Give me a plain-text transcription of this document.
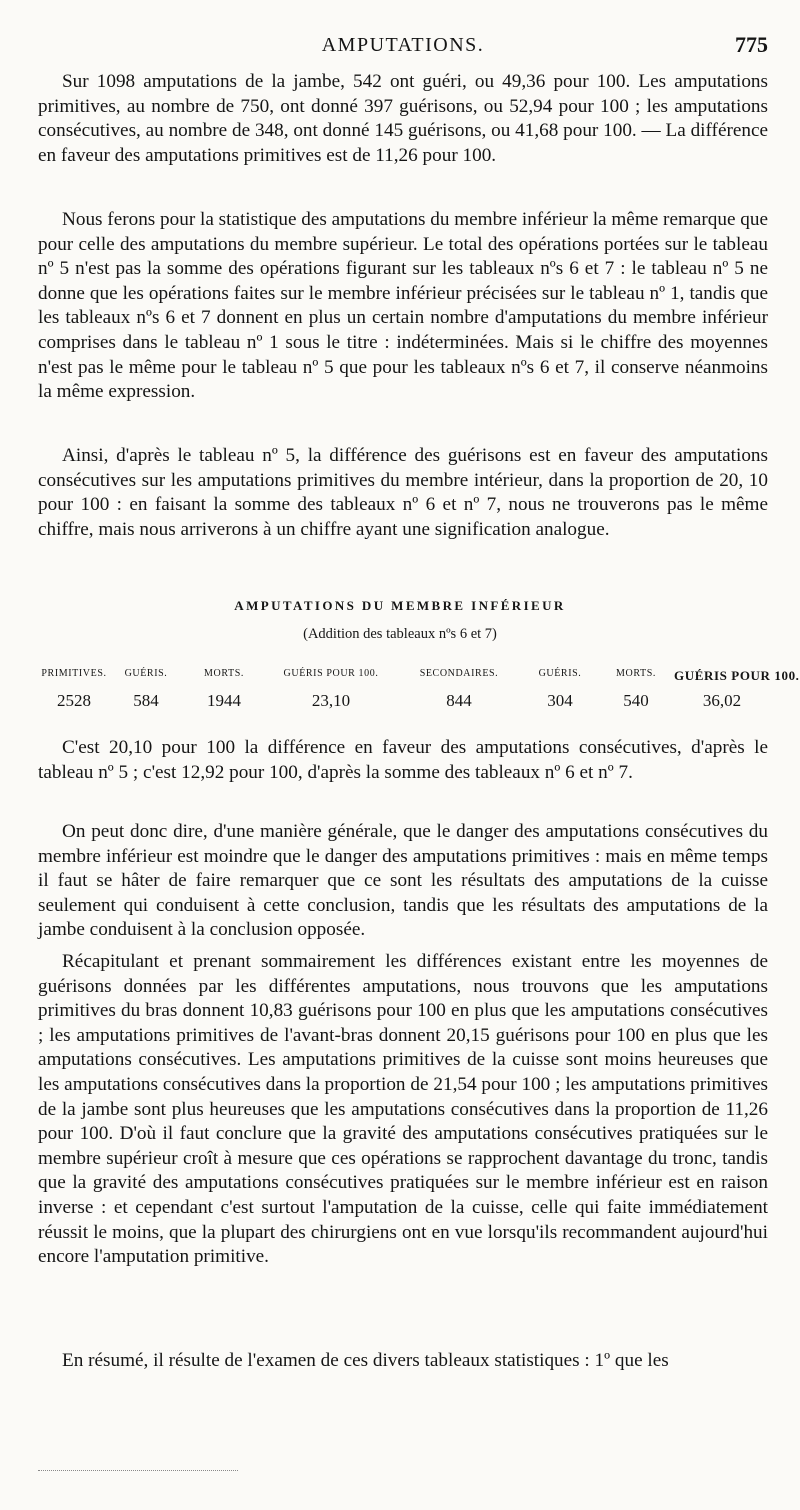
AMPUTATIONS.	775

Sur 1098 amputations de la jambe, 542 ont guéri, ou 49,36 pour 100. Les amputations primitives, au nombre de 750, ont donné 397 guérisons, ou 52,94 pour 100 ; les amputations consécutives, au nombre de 348, ont donné 145 guérisons, ou 41,68 pour 100. — La différence en faveur des amputations primitives est de 11,26 pour 100.

Nous ferons pour la statistique des amputations du membre inférieur la même remarque que pour celle des amputations du membre supérieur. Le total des opérations portées sur le tableau nº 5 n'est pas la somme des opérations figurant sur les tableaux nºs 6 et 7 : le tableau nº 5 ne donne que les opérations faites sur le membre inférieur précisées sur le tableau nº 1, tandis que les tableaux nºs 6 et 7 donnent en plus un certain nombre d'amputations du membre inférieur comprises dans le tableau nº 1 sous le titre : indéterminées. Mais si le chiffre des moyennes n'est pas le même pour le tableau nº 5 que pour les tableaux nºs 6 et 7, il conserve néanmoins la même expression.

Ainsi, d'après le tableau nº 5, la différence des guérisons est en faveur des amputations consécutives sur les amputations primitives du membre intérieur, dans la proportion de 20, 10 pour 100 : en faisant la somme des tableaux nº 6 et nº 7, nous ne trouverons pas le même chiffre, mais nous arriverons à un chiffre ayant une signification analogue.

AMPUTATIONS DU MEMBRE INFÉRIEUR
(Addition des tableaux nºs 6 et 7)
PRIMITIVES.	GUÉRIS.	MORTS.	GUÉRIS POUR 100.	SECONDAIRES.	GUÉRIS.	MORTS.	GUÉRIS POUR 100.
2528	584	1944	23,10	844	304	540	36,02

C'est 20,10 pour 100 la différence en faveur des amputations consécutives, d'après le tableau nº 5 ; c'est 12,92 pour 100, d'après la somme des tableaux nº 6 et nº 7.

On peut donc dire, d'une manière générale, que le danger des amputations consécutives du membre inférieur est moindre que le danger des amputations primitives : mais en même temps il faut se hâter de faire remarquer que ce sont les résultats des amputations de la cuisse seulement qui conduisent à cette conclusion, tandis que les résultats des amputations de la jambe conduisent à la conclusion opposée.

Récapitulant et prenant sommairement les différences existant entre les moyennes de guérisons données par les différentes amputations, nous trouvons que les amputations primitives du bras donnent 10,83 guérisons pour 100 en plus que les amputations consécutives ; les amputations primitives de l'avant-bras donnent 20,15 guérisons pour 100 en plus que les amputations consécutives. Les amputations primitives de la cuisse sont moins heureuses que les amputations consécutives dans la proportion de 21,54 pour 100 ; les amputations primitives de la jambe sont plus heureuses que les amputations consécutives dans la proportion de 11,26 pour 100. D'où il faut conclure que la gravité des amputations consécutives pratiquées sur le membre supérieur croît à mesure que ces opérations se rapprochent davantage du tronc, tandis que la gravité des amputations consécutives pratiquées sur le membre inférieur est en raison inverse : et cependant c'est surtout l'amputation de la cuisse, celle qui faite immédiatement réussit le moins, que la plupart des chirurgiens ont en vue lorsqu'ils recommandent aujourd'hui encore l'amputation primitive.

En résumé, il résulte de l'examen de ces divers tableaux statistiques : 1º que les
